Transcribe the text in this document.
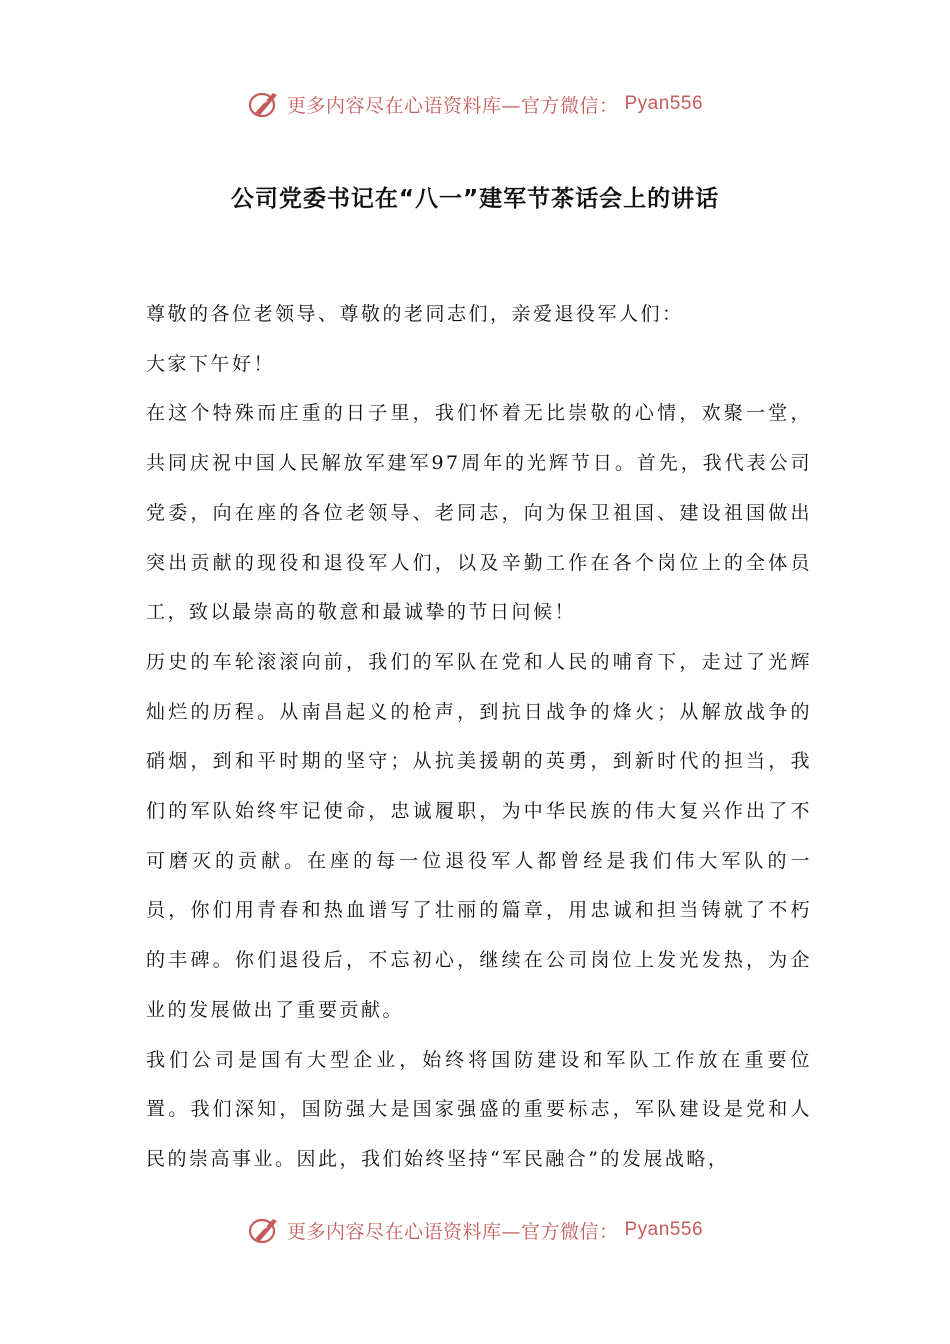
更多内容尽在心语资料库—官方微信： Pyan556
公司党委书记在“八一”建军节茶话会上的讲话

尊敬的各位老领导、尊敬的老同志们，亲爱退役军人们：

大家下午好！

在这个特殊而庄重的日子里，我们怀着无比崇敬的心情，欢聚一堂，共同庆祝中国人民解放军建军97周年的光辉节日。首先，我代表公司党委，向在座的各位老领导、老同志，向为保卫祖国、建设祖国做出突出贡献的现役和退役军人们，以及辛勤工作在各个岗位上的全体员工，致以最崇高的敬意和最诚挚的节日问候！

历史的车轮滚滚向前，我们的军队在党和人民的哺育下，走过了光辉灿烂的历程。从南昌起义的枪声，到抗日战争的烽火；从解放战争的硝烟，到和平时期的坚守；从抗美援朝的英勇，到新时代的担当，我们的军队始终牢记使命，忠诚履职，为中华民族的伟大复兴作出了不可磨灭的贡献。在座的每一位退役军人都曾经是我们伟大军队的一员，你们用青春和热血谱写了壮丽的篇章，用忠诚和担当铸就了不朽的丰碑。你们退役后，不忘初心，继续在公司岗位上发光发热，为企业的发展做出了重要贡献。

我们公司是国有大型企业，始终将国防建设和军队工作放在重要位置。我们深知，国防强大是国家强盛的重要标志，军队建设是党和人民的崇高事业。因此，我们始终坚持“军民融合”的发展战略，

更多内容尽在心语资料库—官方微信： Pyan556
